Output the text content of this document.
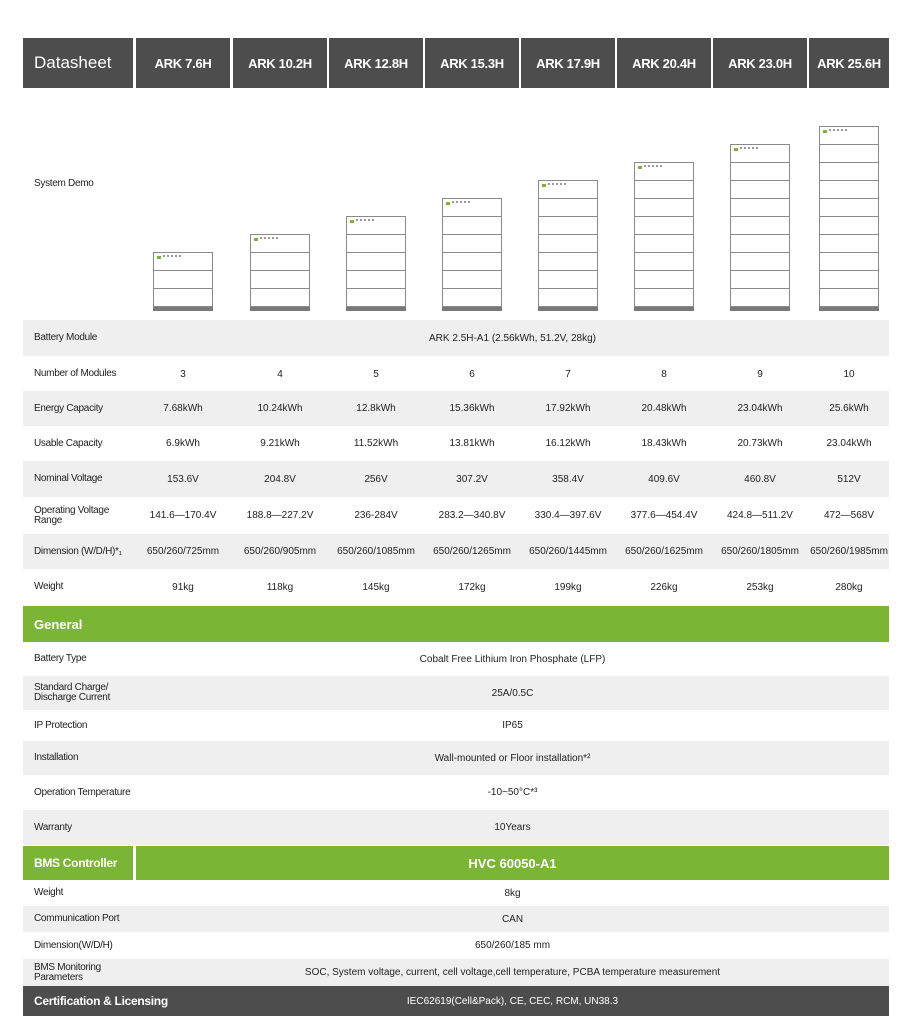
Datasheet	ARK 7.6H	ARK 10.2H	ARK 12.8H	ARK 15.3H	ARK 17.9H	ARK 20.4H	ARK 23.0H	ARK 25.6H
System Demo
Battery Module	ARK 2.5H-A1 (2.56kWh, 51.2V, 28kg)
Number of Modules	3	4	5	6	7	8	9	10
Energy Capacity	7.68kWh	10.24kWh	12.8kWh	15.36kWh	17.92kWh	20.48kWh	23.04kWh	25.6kWh
Usable Capacity	6.9kWh	9.21kWh	11.52kWh	13.81kWh	16.12kWh	18.43kWh	20.73kWh	23.04kWh
Nominal Voltage	153.6V	204.8V	256V	307.2V	358.4V	409.6V	460.8V	512V
Operating Voltage Range	141.6—170.4V	188.8—227.2V	236-284V	283.2—340.8V	330.4—397.6V	377.6—454.4V	424.8—511.2V	472—568V
Dimension (W/D/H)*₁	650/260/725mm	650/260/905mm	650/260/1085mm	650/260/1265mm	650/260/1445mm	650/260/1625mm	650/260/1805mm	650/260/1985mm
Weight	91kg	118kg	145kg	172kg	199kg	226kg	253kg	280kg
General
Battery Type	Cobalt Free Lithium Iron Phosphate (LFP)
Standard Charge/ Discharge Current	25A/0.5C
IP Protection	IP65
Installation	Wall-mounted or Floor installation*²
Operation Temperature	-10~50°C*³
Warranty	10Years
BMS Controller	HVC 60050-A1
Weight	8kg
Communication Port	CAN
Dimension(W/D/H)	650/260/185 mm
BMS Monitoring Parameters	SOC, System voltage, current, cell voltage,cell temperature, PCBA temperature measurement
Certification & Licensing	IEC62619(Cell&Pack), CE, CEC, RCM, UN38.3
